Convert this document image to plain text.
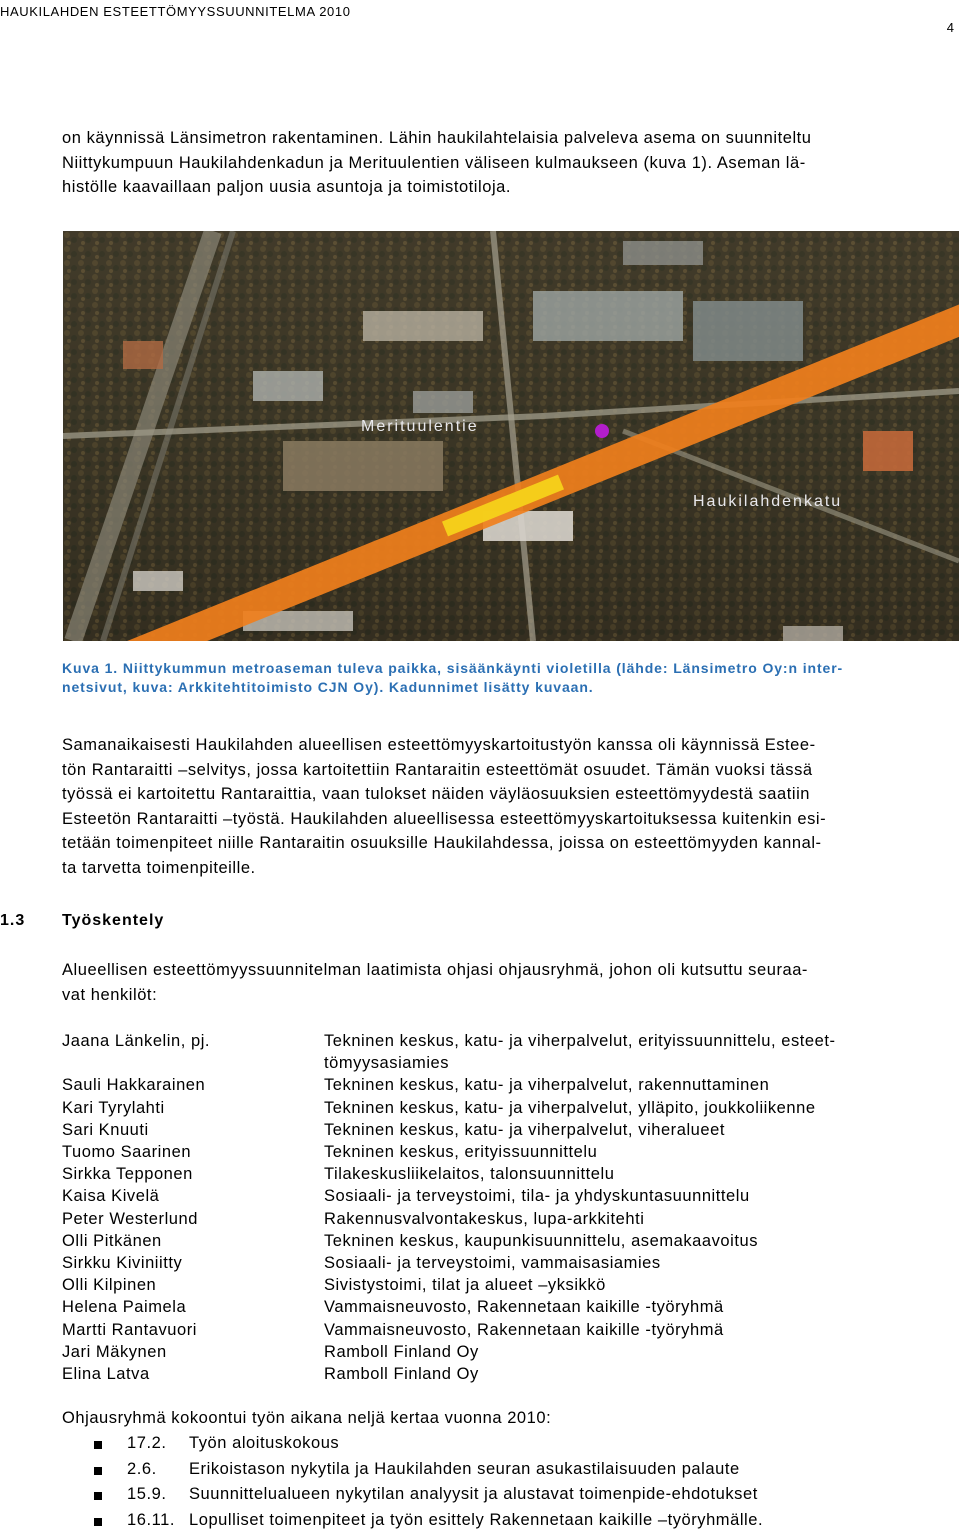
HAUKILAHDEN ESTEETTÖMYYSSUUNNITELMA 2010
4
on käynnissä Länsimetron rakentaminen. Lähin haukilahtelaisia palveleva asema on suunniteltu
Niittykumpuun Haukilahdenkadun ja Merituulentien väliseen kulmaukseen (kuva 1). Aseman lä-
histölle kaavaillaan paljon uusia asuntoja ja toimistotiloja.
Merituulentie
Haukilahdenkatu
Kuva 1. Niittykummun metroaseman tuleva paikka, sisäänkäynti violetilla (lähde: Länsimetro Oy:n inter-
netsivut, kuva: Arkkitehtitoimisto CJN Oy). Kadunnimet lisätty kuvaan.
Samanaikaisesti Haukilahden alueellisen esteettömyyskartoitustyön kanssa oli käynnissä Estee-
tön Rantaraitti –selvitys, jossa kartoitettiin Rantaraitin esteettömät osuudet. Tämän vuoksi tässä
työssä ei kartoitettu Rantaraittia, vaan tulokset näiden väyläosuuksien esteettömyydestä saatiin
Esteetön Rantaraitti –työstä. Haukilahden alueellisessa esteettömyyskartoituksessa kuitenkin esi-
tetään toimenpiteet niille Rantaraitin osuuksille Haukilahdessa, joissa on esteettömyyden kannal-
ta tarvetta toimenpiteille.
1.3 Työskentely
Alueellisen esteettömyyssuunnitelman laatimista ohjasi ohjausryhmä, johon oli kutsuttu seuraa-
vat henkilöt:
Jaana Länkelin, pj.	Tekninen keskus, katu- ja viherpalvelut, erityissuunnittelu, esteet-
tömyysasiamies
Sauli Hakkarainen	Tekninen keskus, katu- ja viherpalvelut, rakennuttaminen
Kari Tyrylahti	Tekninen keskus, katu- ja viherpalvelut, ylläpito, joukkoliikenne
Sari Knuuti	Tekninen keskus, katu- ja viherpalvelut, viheralueet
Tuomo Saarinen	Tekninen keskus, erityissuunnittelu
Sirkka Tepponen	Tilakeskusliikelaitos, talonsuunnittelu
Kaisa Kivelä	Sosiaali- ja terveystoimi, tila- ja yhdyskuntasuunnittelu
Peter Westerlund	Rakennusvalvontakeskus, lupa-arkkitehti
Olli Pitkänen	Tekninen keskus, kaupunkisuunnittelu, asemakaavoitus
Sirkku Kiviniitty	Sosiaali- ja terveystoimi, vammaisasiamies
Olli Kilpinen	Sivistystoimi, tilat ja alueet –yksikkö
Helena Paimela	Vammaisneuvosto, Rakennetaan kaikille -työryhmä
Martti Rantavuori	Vammaisneuvosto, Rakennetaan kaikille -työryhmä
Jari Mäkynen	Ramboll Finland Oy
Elina Latva	Ramboll Finland Oy
Ohjausryhmä kokoontui työn aikana neljä kertaa vuonna 2010:
17.2. Työn aloituskokous
2.6. Erikoistason nykytila ja Haukilahden seuran asukastilaisuuden palaute
15.9. Suunnittelualueen nykytilan analyysit ja alustavat toimenpide-ehdotukset
16.11. Lopulliset toimenpiteet ja työn esittely Rakennetaan kaikille –työryhmälle.
